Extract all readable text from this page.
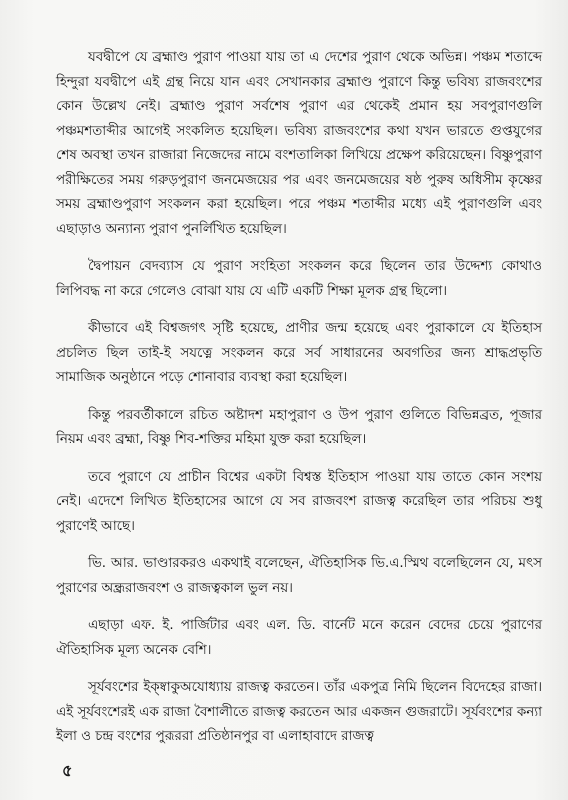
যবদ্বীপে যে ব্রহ্মাণ্ড পুরাণ পাওয়া যায় তা এ দেশের পুরাণ থেকে অভিন্ন। পঞ্চম শতাব্দে হিন্দুরা যবদ্বীপে এই গ্রন্থ নিয়ে যান এবং সেখানকার ব্রহ্মাণ্ড পুরাণে কিন্তু ভবিষ্য রাজবংশের কোন উল্লেখ নেই। ব্রহ্মাণ্ড পুরাণ সর্বশেষ পুরাণ এর থেকেই প্রমান হয় সবপুরাণগুলি পঞ্চমশতাব্দীর আগেই সংকলিত হয়েছিল। ভবিষ্য রাজবংশের কথা যখন ভারতে গুপ্তযুগের শেষ অবস্থা তখন রাজারা নিজেদের নামে বংশতালিকা লিখিয়ে প্রক্ষেপ করিয়েছেন। বিষ্ণুপুরাণ পরীক্ষিতের সময় গরুড়পুরাণ জনমেজয়ের পর এবং জনমেজয়ের ষষ্ঠ পুরুষ অধিসীম কৃষ্ণের সময় ব্রহ্মাণ্ডপুরাণ সংকলন করা হয়েছিল। পরে পঞ্চম শতাব্দীর মধ্যে এই পুরাণগুলি এবং এছাড়াও অন্যান্য পুরাণ পুনর্লিখিত হয়েছিল।

দ্বৈপায়ন বেদব্যাস যে পুরাণ সংহিতা সংকলন করে ছিলেন তার উদ্দেশ্য কোথাও লিপিবদ্ধ না করে গেলেও বোঝা যায় যে এটি একটি শিক্ষা মূলক গ্রন্থ ছিলো।

কীভাবে এই বিশ্বজগৎ সৃষ্টি হয়েছে, প্রাণীর জন্ম হয়েছে এবং পুরাকালে যে ইতিহাস প্রচলিত ছিল তাই-ই সযত্নে সংকলন করে সর্ব সাধারনের অবগতির জন্য শ্রাদ্ধপ্রভৃতি সামাজিক অনুষ্ঠানে পড়ে শোনাবার ব্যবস্থা করা হয়েছিল।

কিন্তু পরবর্তীকালে রচিত অষ্টাদশ মহাপুরাণ ও উপ পুরাণ গুলিতে বিভিন্নব্রত, পূজার নিয়ম এবং ব্রহ্মা, বিষ্ণু শিব-শক্তির মহিমা যুক্ত করা হয়েছিল।

তবে পুরাণে যে প্রাচীন বিশ্বের একটা বিশ্বস্ত ইতিহাস পাওয়া যায় তাতে কোন সংশয় নেই। এদেশে লিখিত ইতিহাসের আগে যে সব রাজবংশ রাজত্ব করেছিল তার পরিচয় শুধু পুরাণেই আছে।

ভি. আর. ভাণ্ডারকরও একথাই বলেছেন, ঐতিহাসিক ভি.এ.স্মিথ বলেছিলেন যে, মৎস পুরাণের অন্ধ্ররাজবংশ ও রাজত্বকাল ভুল নয়।

এছাড়া এফ. ই. পার্জিটার এবং এল. ডি. বার্নেট মনে করেন বেদের চেয়ে পুরাণের ঐতিহাসিক মূল্য অনেক বেশি।

সূর্যবংশের ইক্ষ্বাকুঅযোধ্যায় রাজত্ব করতেন। তাঁর একপুত্র নিমি ছিলেন বিদেহের রাজা। এই সূর্যবংশেরই এক রাজা বৈশালীতে রাজত্ব করতেন আর একজন গুজরাটে। সূর্যবংশের কন্যা ইলা ও চন্দ্র বংশের পুরূররা প্রতিষ্ঠানপুর বা এলাহাবাদে রাজত্ব

৫
